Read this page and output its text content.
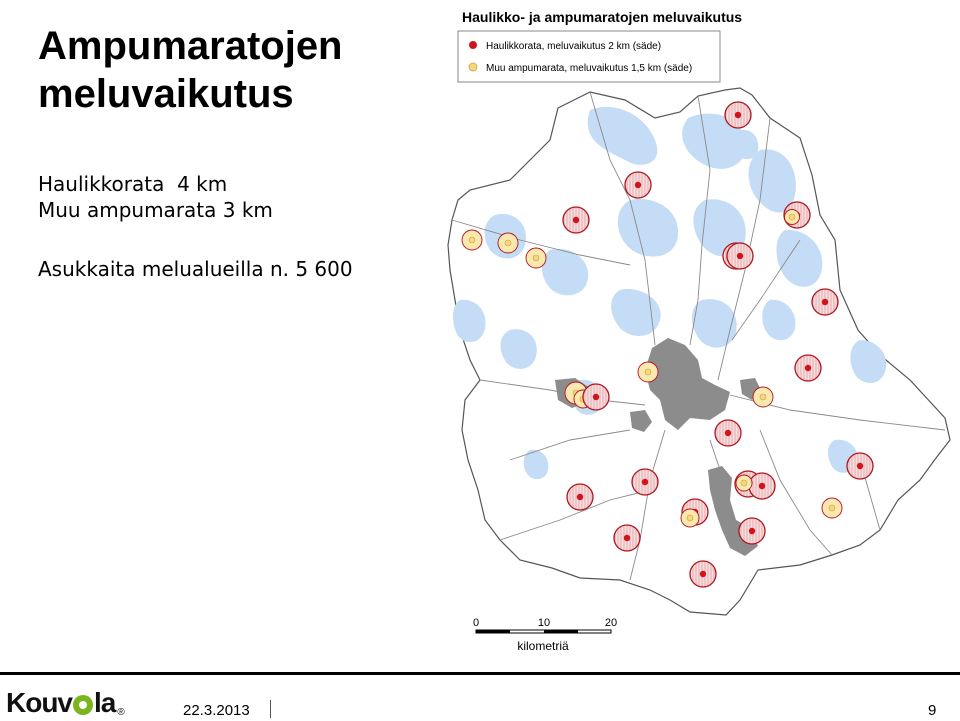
Ampumaratojen meluvaikutus
Haulikkorata  4 km
Muu ampumarata 3 km
Asukkaita melualueilla n. 5 600
Haulikko- ja ampumaratojen meluvaikutus
Haulikkorata, meluvaikutus 2 km (säde)
Muu ampumarata, meluvaikutus 1,5 km (säde)
0	10	20
kilometriä
Kouv la ®	22.3.2013	9
